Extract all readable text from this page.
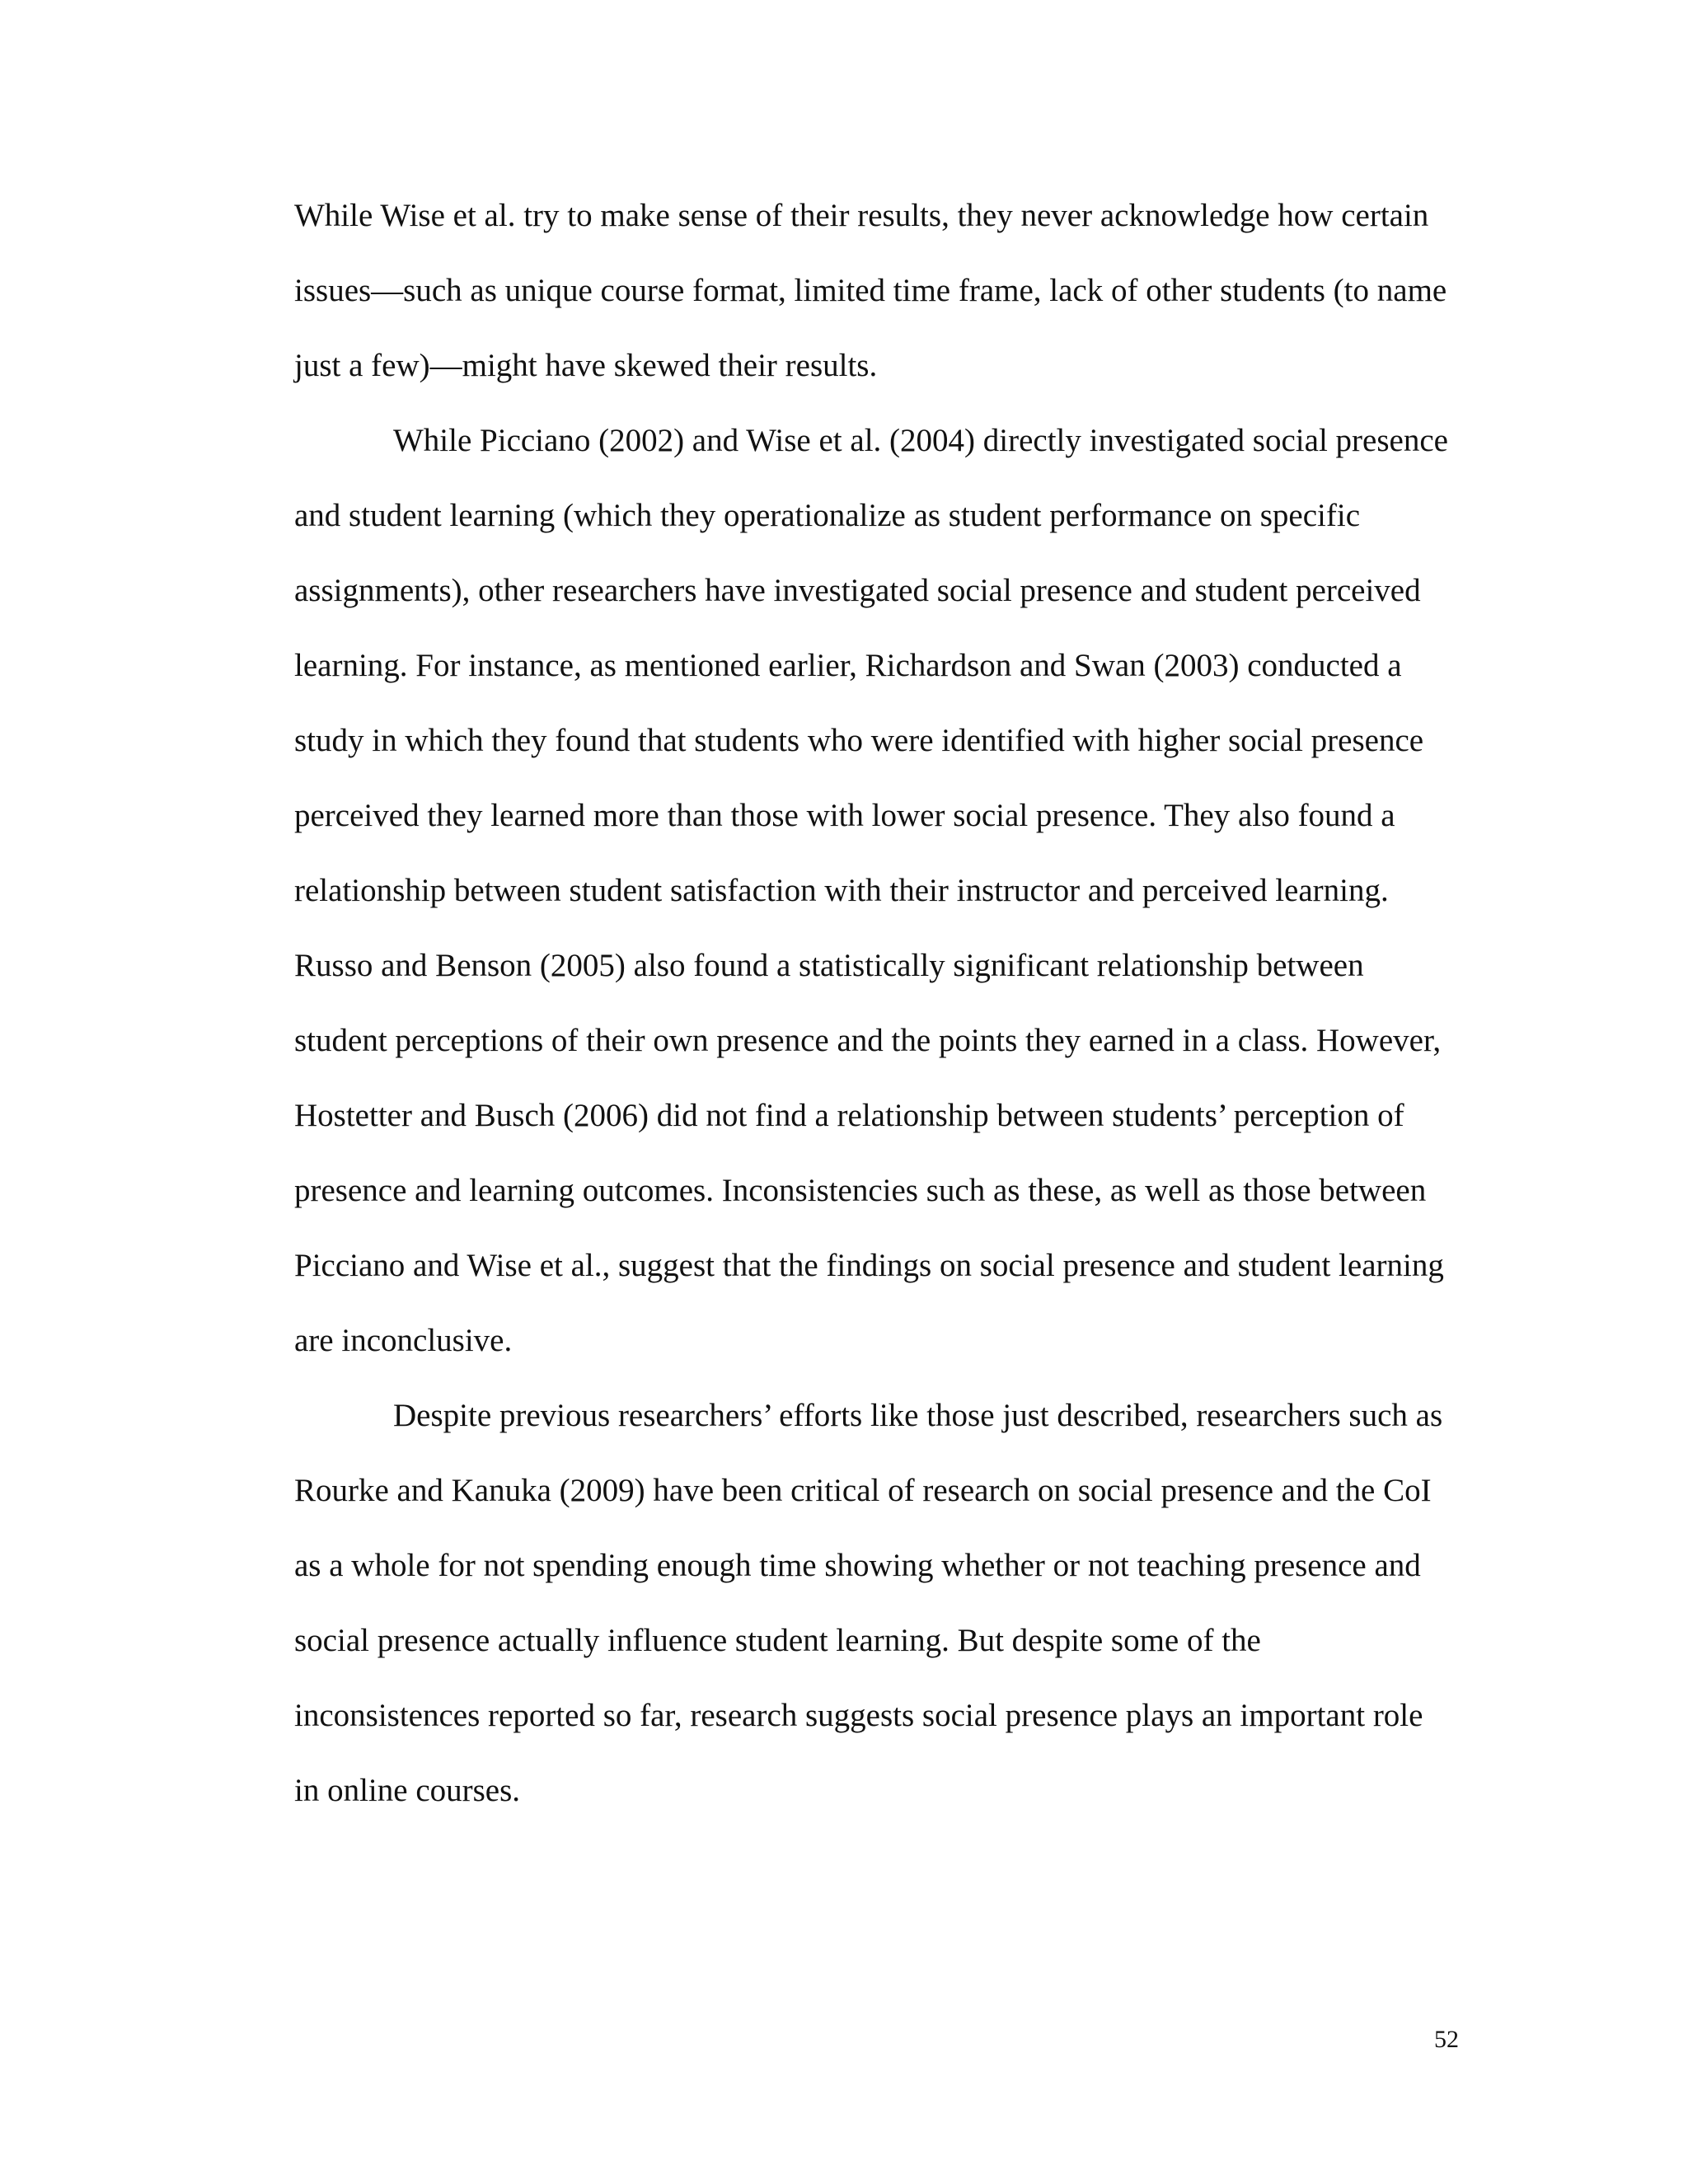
While Wise et al. try to make sense of their results, they never acknowledge how certain
issues—such as unique course format, limited time frame, lack of other students (to name
just a few)—might have skewed their results.
While Picciano (2002) and Wise et al. (2004) directly investigated social presence
and student learning (which they operationalize as student performance on specific
assignments), other researchers have investigated social presence and student perceived
learning. For instance, as mentioned earlier, Richardson and Swan (2003) conducted a
study in which they found that students who were identified with higher social presence
perceived they learned more than those with lower social presence. They also found a
relationship between student satisfaction with their instructor and perceived learning.
Russo and Benson (2005) also found a statistically significant relationship between
student perceptions of their own presence and the points they earned in a class. However,
Hostetter and Busch (2006) did not find a relationship between students’ perception of
presence and learning outcomes. Inconsistencies such as these, as well as those between
Picciano and Wise et al., suggest that the findings on social presence and student learning
are inconclusive.
Despite previous researchers’ efforts like those just described, researchers such as
Rourke and Kanuka (2009) have been critical of research on social presence and the CoI
as a whole for not spending enough time showing whether or not teaching presence and
social presence actually influence student learning. But despite some of the
inconsistences reported so far, research suggests social presence plays an important role
in online courses.
52
